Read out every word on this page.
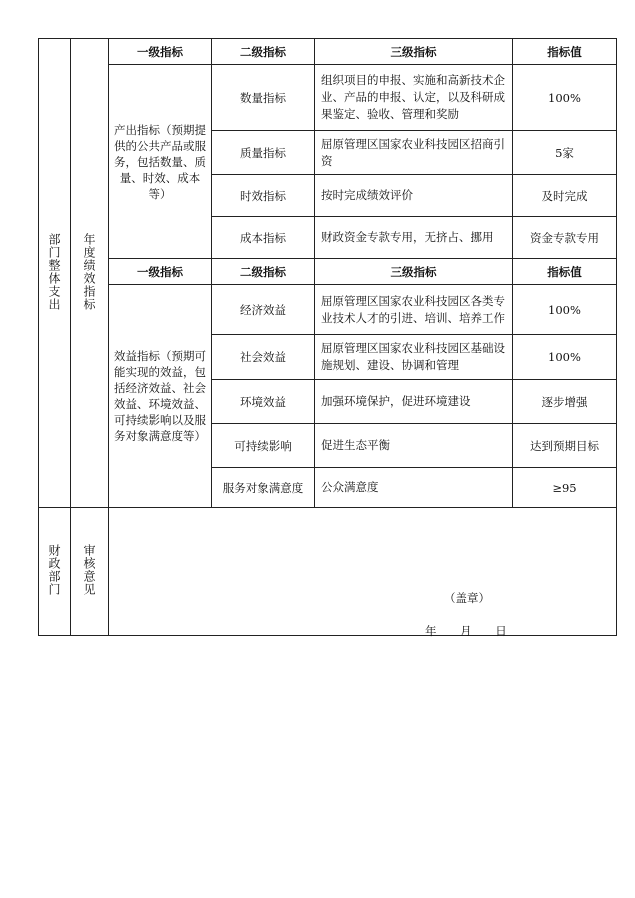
部门整体支出	年度绩效指标	一级指标	二级指标	三级指标	指标值
		产出指标（预期提供的公共产品或服务，包括数量、质量、时效、成本等）	数量指标	组织项目的申报、实施和高新技术企业、产品的申报、认定，以及科研成果鉴定、验收、管理和奖励	100%
			质量指标	屈原管理区国家农业科技园区招商引资	5家
			时效指标	按时完成绩效评价	及时完成
			成本指标	财政资金专款专用，无挤占、挪用	资金专款专用
		一级指标	二级指标	三级指标	指标值
		效益指标（预期可能实现的效益，包括经济效益、社会效益、环境效益、可持续影响以及服务对象满意度等）	经济效益	屈原管理区国家农业科技园区各类专业技术人才的引进、培训、培养工作	100%
			社会效益	屈原管理区国家农业科技园区基础设施规划、建设、协调和管理	100%
			环境效益	加强环境保护，促进环境建设	逐步增强
			可持续影响	促进生态平衡	达到预期目标
			服务对象满意度	公众满意度	≥95
财政部门	审核意见	（盖章）
年 月 日			
